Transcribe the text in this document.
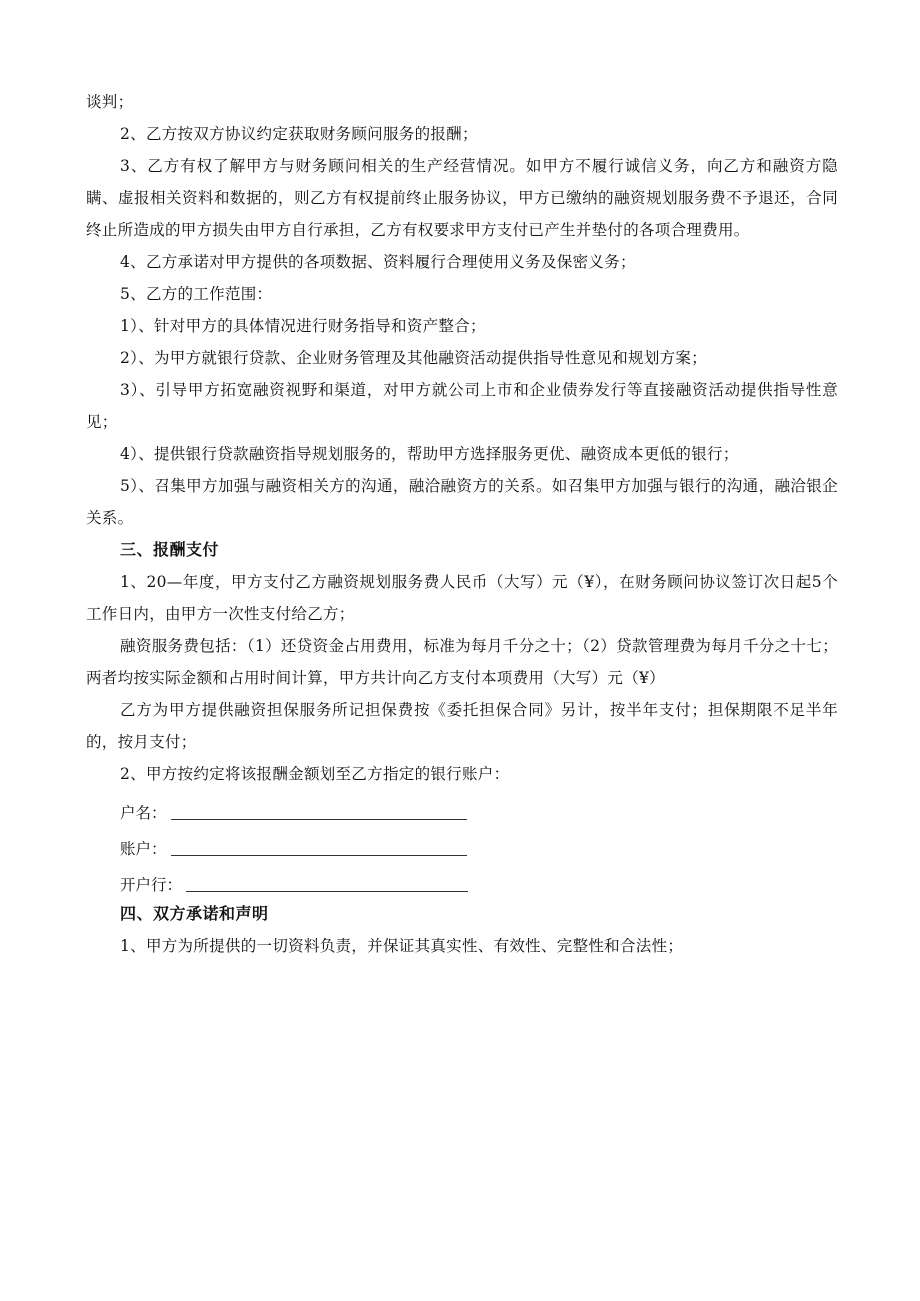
谈判；

2、乙方按双方协议约定获取财务顾问服务的报酬；

3、乙方有权了解甲方与财务顾问相关的生产经营情况。如甲方不履行诚信义务，向乙方和融资方隐瞒、虚报相关资料和数据的，则乙方有权提前终止服务协议，甲方已缴纳的融资规划服务费不予退还，合同终止所造成的甲方损失由甲方自行承担，乙方有权要求甲方支付已产生并垫付的各项合理费用。

4、乙方承诺对甲方提供的各项数据、资料履行合理使用义务及保密义务；

5、乙方的工作范围：

1）、针对甲方的具体情况进行财务指导和资产整合；

2）、为甲方就银行贷款、企业财务管理及其他融资活动提供指导性意见和规划方案；

3）、引导甲方拓宽融资视野和渠道，对甲方就公司上市和企业债券发行等直接融资活动提供指导性意见；

4）、提供银行贷款融资指导规划服务的，帮助甲方选择服务更优、融资成本更低的银行；

5）、召集甲方加强与融资相关方的沟通，融洽融资方的关系。如召集甲方加强与银行的沟通，融洽银企关系。

三、报酬支付

1、20—年度，甲方支付乙方融资规划服务费人民币（大写）元（¥），在财务顾问协议签订次日起5个工作日内，由甲方一次性支付给乙方；

融资服务费包括：（1）还贷资金占用费用，标准为每月千分之十；（2）贷款管理费为每月千分之十七；两者均按实际金额和占用时间计算，甲方共计向乙方支付本项费用（大写）元（¥）

乙方为甲方提供融资担保服务所记担保费按《委托担保合同》另计，按半年支付；担保期限不足半年的，按月支付；

2、甲方按约定将该报酬金额划至乙方指定的银行账户：

户名：
账户：
开户行：
四、双方承诺和声明

1、甲方为所提供的一切资料负责，并保证其真实性、有效性、完整性和合法性；
